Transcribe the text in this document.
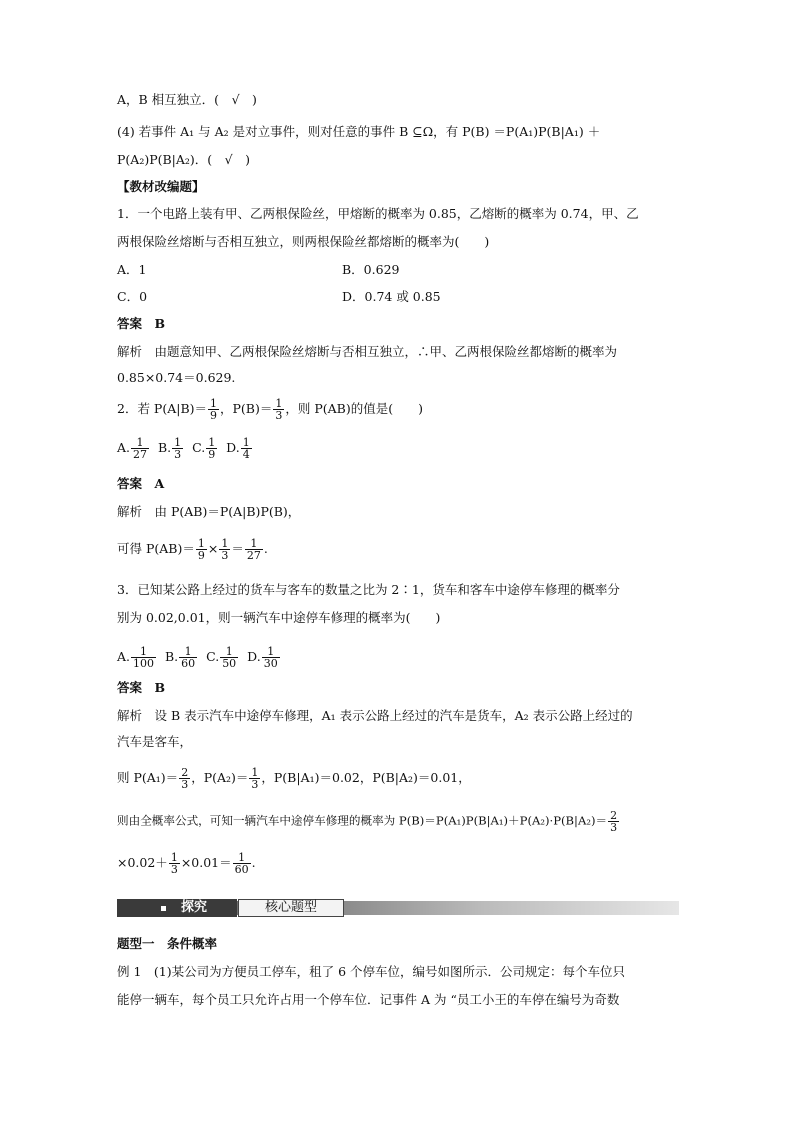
A，B 相互独立．(　√　)
(4) 若事件 A₁ 与 A₂ 是对立事件，则对任意的事件 B ⊆Ω，有 P(B) ＝P(A₁)P(B|A₁) ＋
P(A₂)P(B|A₂)．(　√　)
【教材改编题】
1．一个电路上装有甲、乙两根保险丝，甲熔断的概率为 0.85，乙熔断的概率为 0.74，甲、乙
两根保险丝熔断与否相互独立，则两根保险丝都熔断的概率为(　　)
A．1	B．0.629
C．0	D．0.74 或 0.85
答案　B
解析　由题意知甲、乙两根保险丝熔断与否相互独立，∴甲、乙两根保险丝都熔断的概率为
0.85×0.74＝0.629.
2．若 $P(A|B)= \frac{1}{9}$ ，$P(B)= \frac{1}{3}$ ，则 P(AB)的值是(　　)
A. $\frac{1}{27} B$. $\frac{1}{3} C$. $\frac{1}{9} D$. $\frac{1}{4}$
答案　A
解析　由 P(AB)＝P(A|B)P(B)，
可得 $P(AB)= \frac{1}{9} \times \frac{1}{3} = \frac{1}{27}$ .
3．已知某公路上经过的货车与客车的数量之比为 2∶1，货车和客车中途停车修理的概率分
别为 0.02,0.01，则一辆汽车中途停车修理的概率为(　　)
A. $\frac{1}{100} B$. $\frac{1}{60} C$. $\frac{1}{50} D$. $\frac{1}{30}$
答案　B
解析　设 B 表示汽车中途停车修理，A₁ 表示公路上经过的汽车是货车，A₂ 表示公路上经过的
汽车是客车，
则 $P(A_1)= \frac{2}{3}$ ，$P(A_2)= \frac{1}{3}$ ，P(B|A₁)＝0.02，P(B|A₂)＝0.01，
则由全概率公式，可知一辆汽车中途停车修理的概率为 $P(B)=P(A_1)P(B|A_1)+P(A_2)\cdot P(B|A_2)= \frac{2}{3}$
$\times 0.02+ \frac{1}{3} \times 0.01= \frac{1}{60}$ .
探究	核心题型
题型一　条件概率
例 1　(1)某公司为方便员工停车，租了 6 个停车位，编号如图所示．公司规定：每个车位只
能停一辆车，每个员工只允许占用一个停车位．记事件 A 为 “员工小王的车停在编号为奇数
